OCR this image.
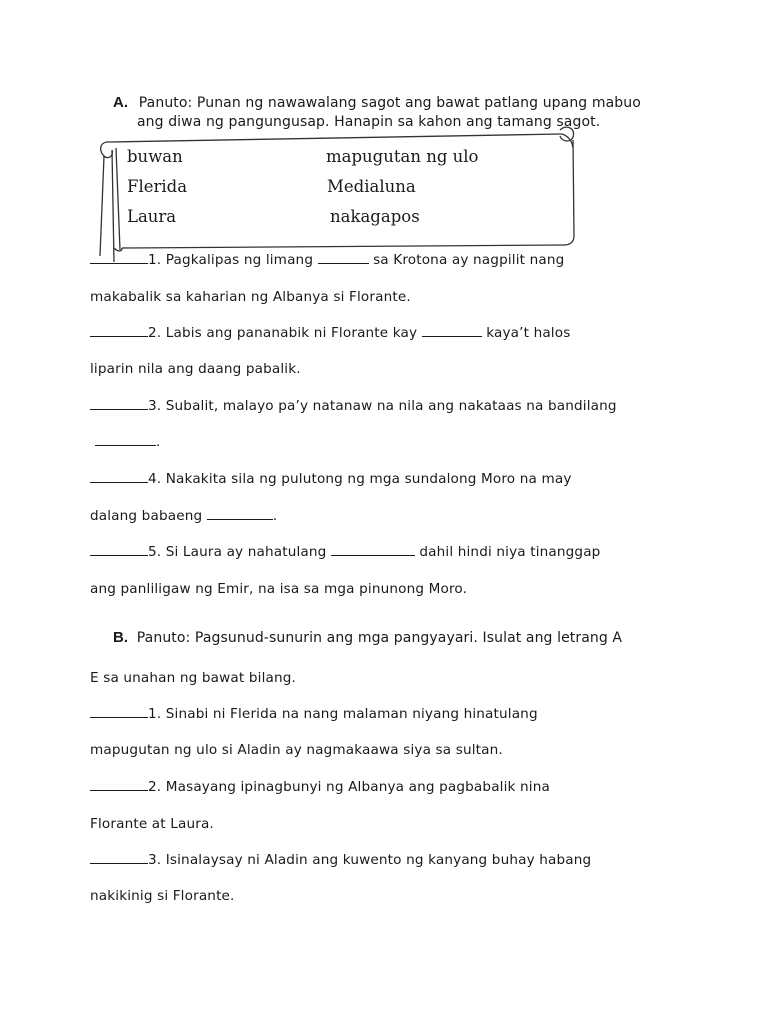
A. Panuto: Punan ng nawawalang sagot ang bawat patlang upang mabuo
ang diwa ng pangungusap. Hanapin sa kahon ang tamang sagot.
buwan	mapugutan ng ulo
Flerida	Medialuna
Laura	nakagapos
1. Pagkalipas ng limang	sa Krotona ay nagpilit nang
makabalik sa kaharian ng Albanya si Florante.
2. Labis ang pananabik ni Florante kay	kaya’t halos
liparin nila ang daang pabalik.
3. Subalit, malayo pa’y natanaw na nila ang nakataas na bandilang
.
4. Nakakita sila ng pulutong ng mga sundalong Moro na may
dalang babaeng	.
5. Si Laura ay nahatulang	dahil hindi niya tinanggap
ang panliligaw ng Emir, na isa sa mga pinunong Moro.
B. Panuto: Pagsunud-sunurin ang mga pangyayari. Isulat ang letrang A
E sa unahan ng bawat bilang.
1. Sinabi ni Flerida na nang malaman niyang hinatulang
mapugutan ng ulo si Aladin ay nagmakaawa siya sa sultan.
2. Masayang ipinagbunyi ng Albanya ang pagbabalik nina
Florante at Laura.
3. Isinalaysay ni Aladin ang kuwento ng kanyang buhay habang
nakikinig si Florante.
